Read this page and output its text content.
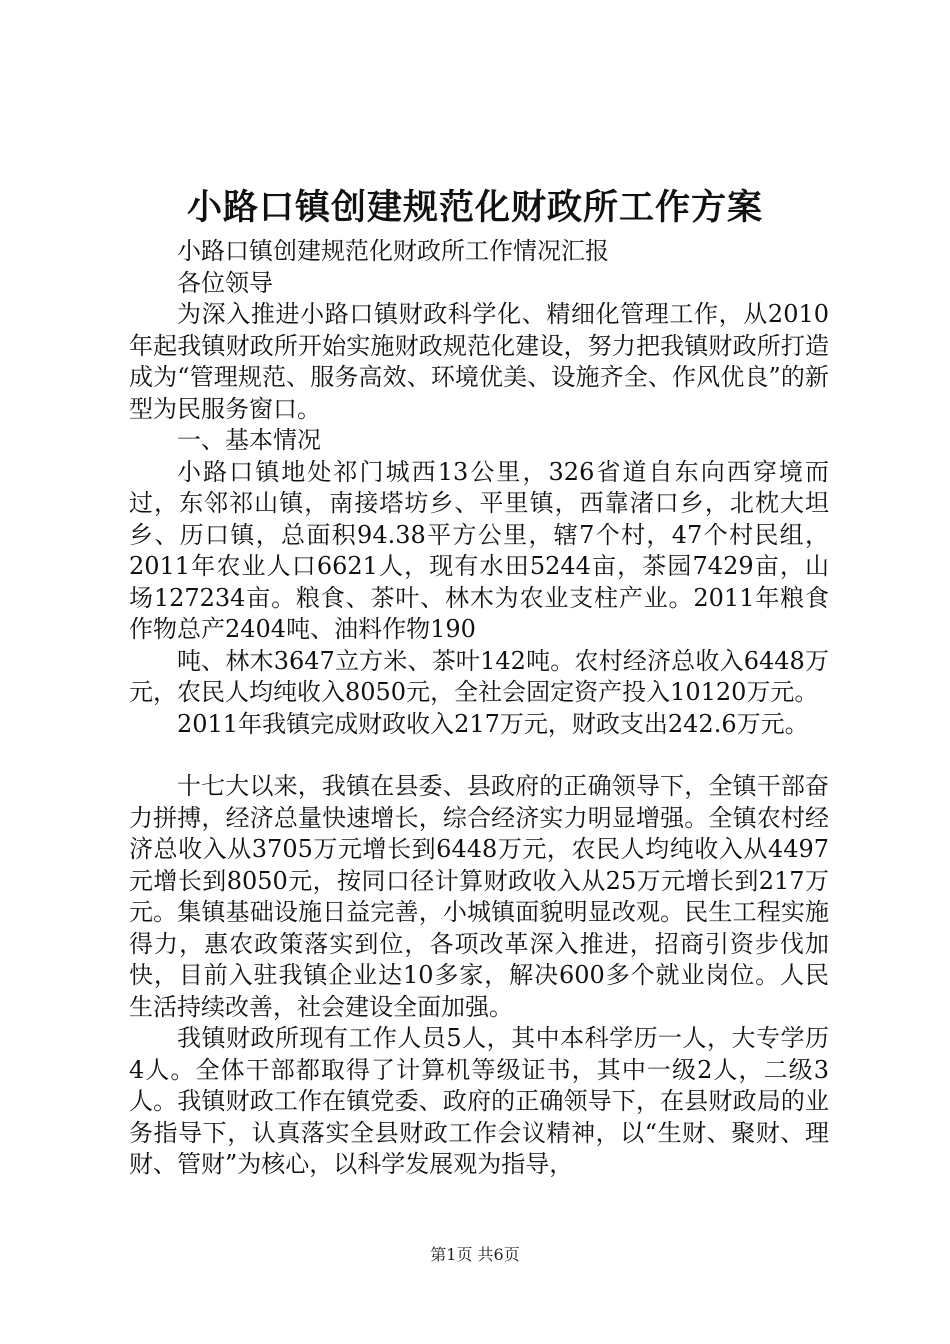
小路口镇创建规范化财政所工作方案

小路口镇创建规范化财政所工作情况汇报

各位领导

为深入推进小路口镇财政科学化、精细化管理工作，从2010年起我镇财政所开始实施财政规范化建设，努力把我镇财政所打造成为“管理规范、服务高效、环境优美、设施齐全、作风优良”的新型为民服务窗口。

一、基本情况

小路口镇地处祁门城西13公里，326省道自东向西穿境而过，东邻祁山镇，南接塔坊乡、平里镇，西靠渚口乡，北枕大坦乡、历口镇，总面积94.38平方公里，辖7个村，47个村民组，2011年农业人口6621人，现有水田5244亩，茶园7429亩，山场127234亩。粮食、茶叶、林木为农业支柱产业。2011年粮食作物总产2404吨、油料作物190

吨、林木3647立方米、茶叶142吨。农村经济总收入6448万元，农民人均纯收入8050元，全社会固定资产投入10120万元。

2011年我镇完成财政收入217万元，财政支出242.6万元。

十七大以来，我镇在县委、县政府的正确领导下，全镇干部奋力拼搏，经济总量快速增长，综合经济实力明显增强。全镇农村经济总收入从3705万元增长到6448万元，农民人均纯收入从4497元增长到8050元，按同口径计算财政收入从25万元增长到217万元。集镇基础设施日益完善，小城镇面貌明显改观。民生工程实施得力，惠农政策落实到位，各项改革深入推进，招商引资步伐加快，目前入驻我镇企业达10多家，解决600多个就业岗位。人民生活持续改善，社会建设全面加强。

我镇财政所现有工作人员5人，其中本科学历一人，大专学历4人。全体干部都取得了计算机等级证书，其中一级2人，二级3人。我镇财政工作在镇党委、政府的正确领导下，在县财政局的业务指导下，认真落实全县财政工作会议精神，以“生财、聚财、理财、管财”为核心，以科学发展观为指导，

第1页 共6页
